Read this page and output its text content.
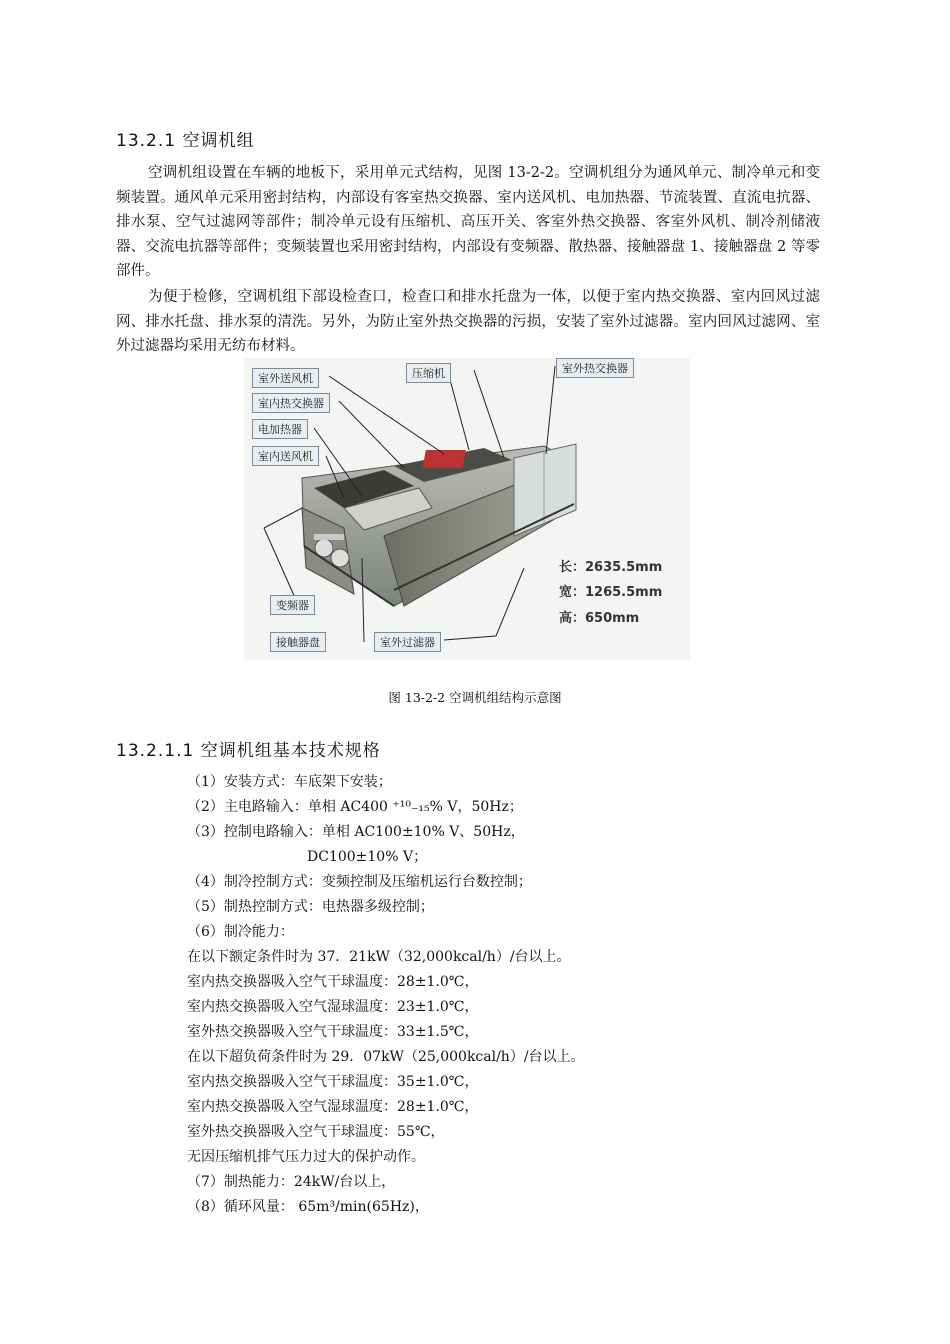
13.2.1 空调机组

空调机组设置在车辆的地板下，采用单元式结构，见图 13-2-2。空调机组分为通风单元、制冷单元和变频装置。通风单元采用密封结构，内部设有客室热交换器、室内送风机、电加热器、节流装置、直流电抗器、排水泵、空气过滤网等部件；制冷单元设有压缩机、高压开关、客室外热交换器、客室外风机、制冷剂储液器、交流电抗器等部件；变频装置也采用密封结构，内部设有变频器、散热器、接触器盘 1、接触器盘 2 等零部件。

为便于检修，空调机组下部设检查口，检查口和排水托盘为一体，以便于室内热交换器、室内回风过滤网、排水托盘、排水泵的清洗。另外，为防止室外热交换器的污损，安装了室外过滤器。室内回风过滤网、室外过滤器均采用无纺布材料。

室外送风机
室内热交换器
电加热器
室内送风机
压缩机	室外热交换器
变频器
接触器盘	室外过滤器
长：2635.5mm
宽：1265.5mm
高：650mm
图 13-2-2 空调机组结构示意图
13.2.1.1 空调机组基本技术规格
（1）安装方式：车底架下安装；
（2）主电路输入：单相 AC400 ⁺¹⁰₋₁₅% V，50Hz；
（3）控制电路输入：单相 AC100±10% V、50Hz，
DC100±10% V；
（4）制冷控制方式：变频控制及压缩机运行台数控制；
（5）制热控制方式：电热器多级控制；
（6）制冷能力：
在以下额定条件时为 37．21kW（32,000kcal/h）/台以上。
室内热交换器吸入空气干球温度：28±1.0℃，
室内热交换器吸入空气湿球温度：23±1.0℃，
室外热交换器吸入空气干球温度：33±1.5℃，
在以下超负荷条件时为 29．07kW（25,000kcal/h）/台以上。
室内热交换器吸入空气干球温度：35±1.0℃，
室内热交换器吸入空气湿球温度：28±1.0℃，
室外热交换器吸入空气干球温度：55℃，
无因压缩机排气压力过大的保护动作。
（7）制热能力：24kW/台以上，
（8）循环风量： 65m³/min(65Hz)，
